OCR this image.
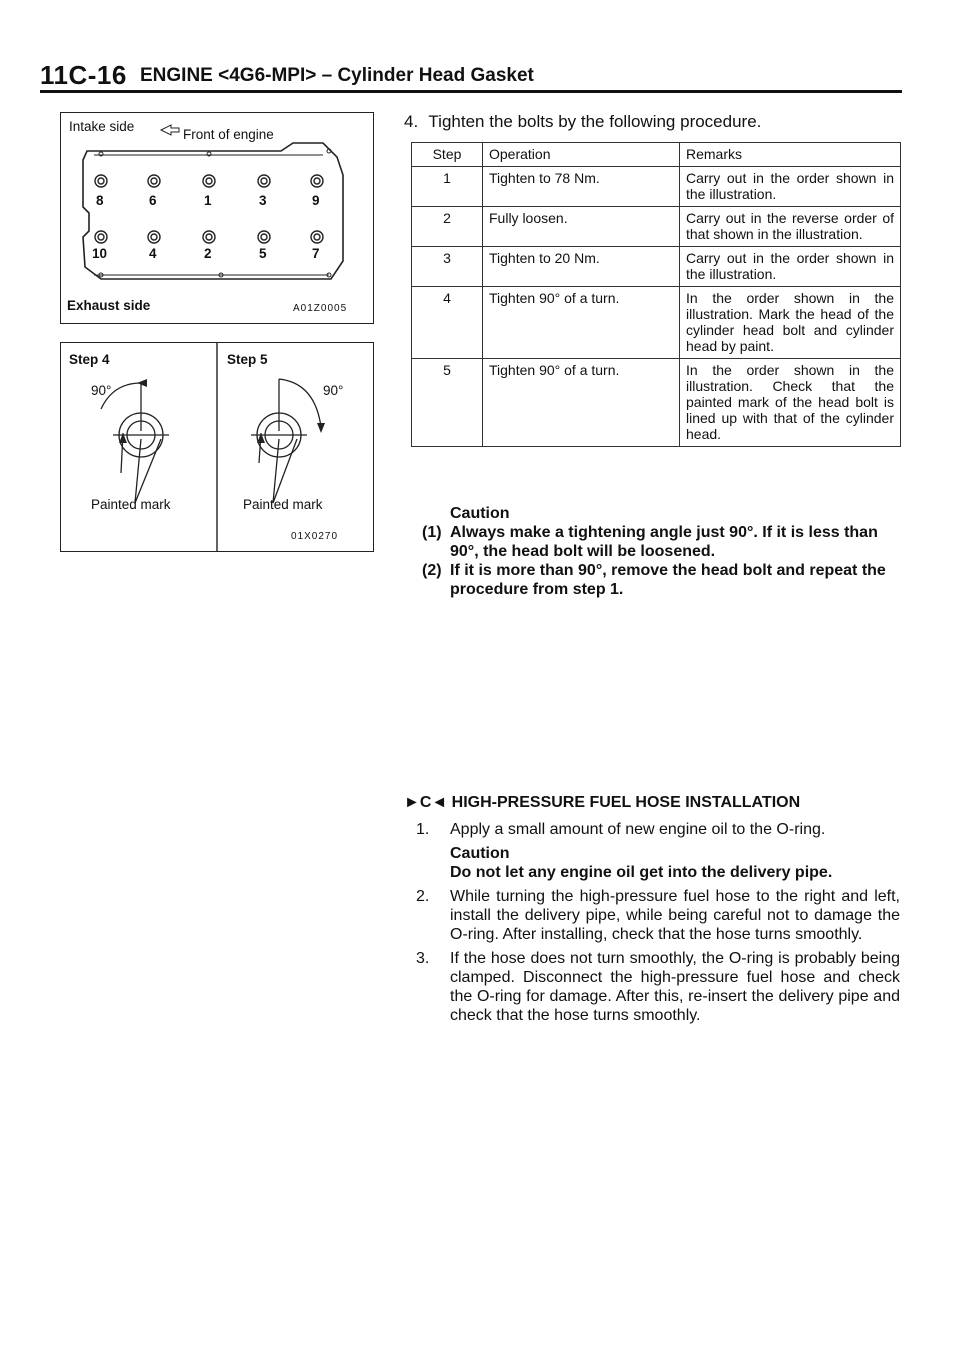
11C-16 ENGINE <4G6-MPI> – Cylinder Head Gasket
Intake side
Front of engine
Exhaust side	A01Z0005
8	6	1	3	9
10	4	2	5	7
Step 4	Step 5
90°	90°
Painted mark	Painted mark
01X0270
4. Tighten the bolts by the following procedure.
Step	Operation	Remarks
1	Tighten to 78 Nm.	Carry out in the order shown in the illustration.
2	Fully loosen.	Carry out in the reverse order of that shown in the illustration.
3	Tighten to 20 Nm.	Carry out in the order shown in the illustration.
4	Tighten 90° of a turn.	In the order shown in the illustration. Mark the head of the cylinder head bolt and cylinder head by paint.
5	Tighten 90° of a turn.	In the order shown in the illustration. Check that the painted mark of the head bolt is lined up with that of the cylinder head.
Caution
(1) Always make a tightening angle just 90°. If it is less than 90°, the head bolt will be loosened.
(2) If it is more than 90°, remove the head bolt and repeat the procedure from step 1.
►C◄ HIGH-PRESSURE FUEL HOSE INSTALLATION
1.	Apply a small amount of new engine oil to the O-ring.
Caution
Do not let any engine oil get into the delivery pipe.
2.	While turning the high-pressure fuel hose to the right and left, install the delivery pipe, while being careful not to damage the O-ring. After installing, check that the hose turns smoothly.
3.	If the hose does not turn smoothly, the O-ring is probably being clamped. Disconnect the high-pressure fuel hose and check the O-ring for damage. After this, re-insert the delivery pipe and check that the hose turns smoothly.
